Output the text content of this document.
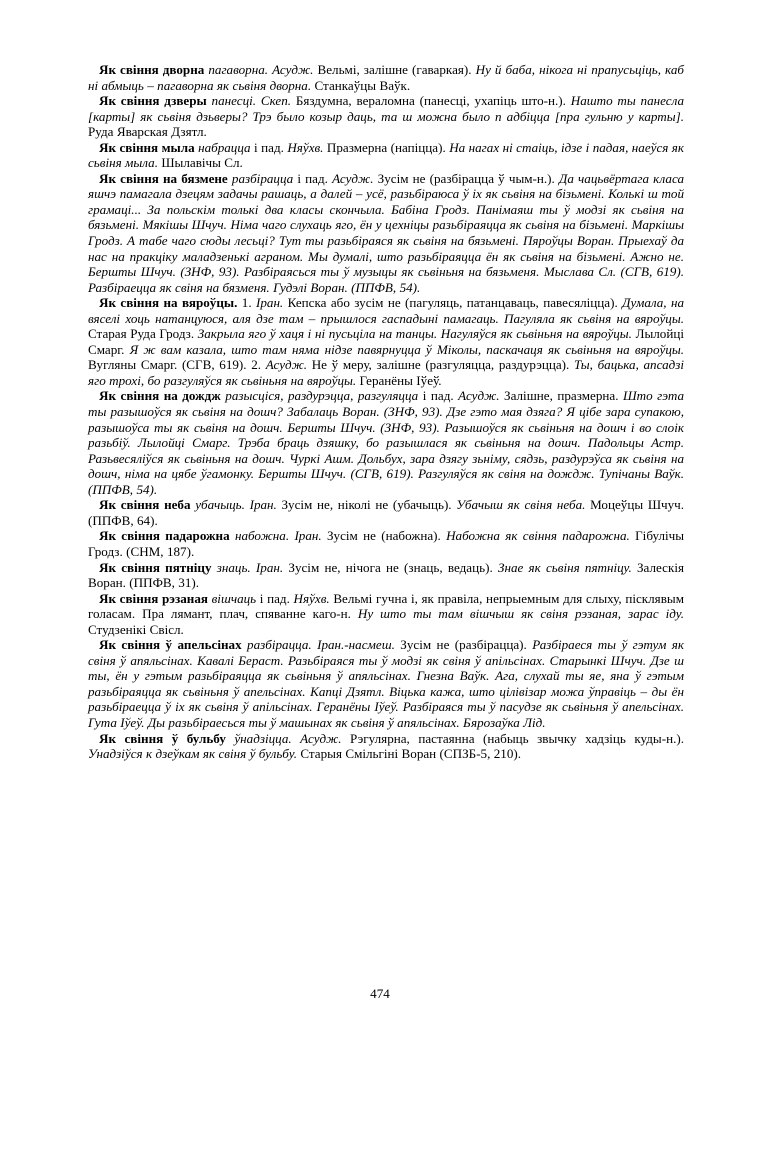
Як свіння дворна пагаворна. Асудж. Вельмі, залішне (гаваркая). Ну й баба, нікога ні прапусьціць, каб ні абмыць – пагаворна як сьвіня дворна. Станкаўцы Ваўк.

Як свіння дзверы панесці. Скеп. Бяздумна, вераломна (панесці, ухапіць што-н.). Нашто ты панесла [карты] як сьвіня дзьверы? Трэ было козыр даць, та ш можна было п адбіцца [пра гульню у карты]. Руда Яварская Дзятл.

Як свіння мыла набрацца і пад. Няўхв. Празмерна (напіцца). На нагах ні стаіць, ідзе і падая, наеўся як сьвіня мыла. Шылавічы Сл.

Як свіння на бязмене разбірацца і пад. Асудж. Зусім не (разбірацца ў чым-н.). Да чацьвёртага класа яшчэ памагала дзецям задачы рашаць, а далей – усё, разьбіраюса ў іх як сьвіня на бізьмені. Колькі ш той грамаці... За польскім толькі два класы скончыла. Бабіна Гродз. Панімаяш ты ў модзі як сьвіня на бязьмені. Мякішы Шчуч. Німа чаго слухаць яго, ён у цехніцы разьбіраяцца як сьвіня на бізьмені. Маркішы Гродз. А табе чаго сюды лесьці? Тут ты разьбіраяся як сьвіня на бязьмені. Пяроўцы Воран. Прыехаў да нас на пракціку маладзенькі аграном. Мы думалі, што разьбіраяцца ён як сьвіня на бізьмені. Ажно не. Бершты Шчуч. (ЗНФ, 93). Разбіраясься ты ў музыцы як сьвіньня на бязьменя. Мыслава Сл. (СГВ, 619). Разбіраецца як свіня на бязменя. Гудэлі Воран. (ППФВ, 54).

Як свіння на вяроўцы. 1. Іран. Кепска або зусім не (пагуляць, патанцаваць, павесяліцца). Думала, на вяселі хоць натанцуюся, аля дзе там – прышлося гаспадыні памагаць. Пагуляла як сьвіня на вяроўцы. Старая Руда Гродз. Закрыла яго ў хаця і ні пусьціла на танцы. Нагуляўся як сьвіньня на вяроўцы. Лылойці Смарг. Я ж вам казала, што там няма нідзе павярнуцца ў Міколы, паскачаця як сьвіньня на вяроўцы. Вугляны Смарг. (СГВ, 619). 2. Асудж. Не ў меру, залішне (разгуляцца, раздурэцца). Ты, бацька, апсадзі яго трохі, бо разгуляўся як сьвіньня на вяроўцы. Геранёны Іўеў.

Як свіння на дождж разысціся, раздурэцца, разгуляцца і пад. Асудж. Залішне, празмерна. Што гэта ты разышоўся як сьвіня на дошч? Забалаць Воран. (ЗНФ, 93). Дзе гэто мая дзяга? Я цібе зара супакою, разышоўса ты як сьвіня на дошч. Бершты Шчуч. (ЗНФ, 93). Разышоўся як сьвіньня на дошч і во слоік разьбіў. Лылойці Смарг. Трэба браць дзяшку, бо разышлася як сьвіньня на дошч. Падольцы Астр. Разьвесяліўся як сьвіньня на дошч. Чуркі Ашм. Дольбух, зара дзягу зьніму, сядзь, раздурэўса як сьвіня на дошч, німа на цябе ўгамонку. Бершты Шчуч. (СГВ, 619). Разгуляўся як свіня на дождж. Тупічаны Ваўк. (ППФВ, 54).

Як свіння неба убачыць. Іран. Зусім не, ніколі не (убачыць). Убачыш як свіня неба. Моцеўцы Шчуч. (ППФВ, 64).

Як свіння падарожна набожна. Іран. Зусім не (набожна). Набожна як свіння падарожна. Гібулічы Гродз. (СНМ, 187).

Як свіння пятніцу знаць. Іран. Зусім не, нічога не (знаць, ведаць). Знае як сьвіня пятніцу. Залескія Воран. (ППФВ, 31).

Як свіння рэзаная вішчаць і пад. Няўхв. Вельмі гучна і, як правіла, непрыемным для слыху, пісклявым голасам. Пра лямант, плач, спяванне каго-н. Ну што ты там вішчыш як свіня рэзаная, зарас іду. Студзенікі Свісл.

Як свіння ў апельсінах разбірацца. Іран.-насмеш. Зусім не (разбірацца). Разбіраеся ты ў гэтум як свіня ў апяльсінах. Кавалі Бераст. Разьбіраяся ты ў модзі як свіня ў апільсінах. Старынкі Шчуч. Дзе ш ты, ён у гэтым разьбіраяцца як сьвіньня ў апяльсінах. Гнезна Ваўк. Ага, слухай ты яе, яна ў гэтым разьбіраяцца як сьвіньня ў апельсінах. Капці Дзятл. Віцька кажа, што цілівізар можа ўправіць – ды ён разьбіраецца ў іх як сьвіня ў апільсінах. Геранёны Іўеў. Разбіраяся ты ў пасудзе як сьвіньня ў апельсінах. Гута Іўеў. Ды разьбіраесься ты ў машынах як сьвіня ў апяльсінах. Бярозаўка Лід.

Як свіння ў бульбу ўнадзіцца. Асудж. Рэгулярна, пастаянна (набыць звычку хадзіць куды-н.). Унадзіўся к дзеўкам як свіня ў бульбу. Старыя Смільгіні Воран (СПЗБ-5, 210).

474
